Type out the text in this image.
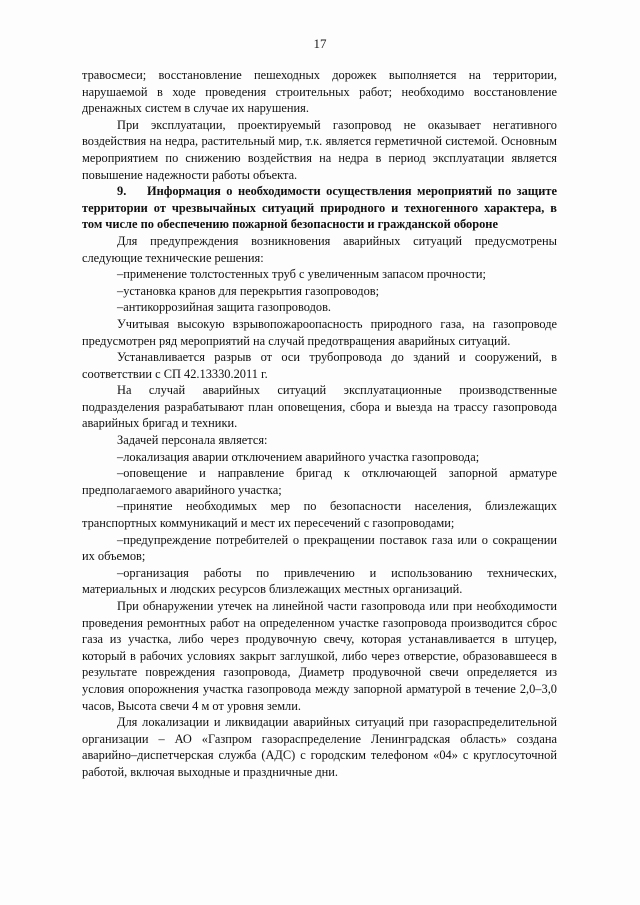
17

травосмеси; восстановление пешеходных дорожек выполняется на территории, нарушаемой в ходе проведения строительных работ; необходимо восстановление дренажных систем в случае их нарушения.

При эксплуатации, проектируемый газопровод не оказывает негативного воздействия на недра, растительный мир, т.к. является герметичной системой. Основным мероприятием по снижению воздействия на недра в период эксплуатации является повышение надежности работы объекта.

9. Информация о необходимости осуществления мероприятий по защите территории от чрезвычайных ситуаций природного и техногенного характера, в том числе по обеспечению пожарной безопасности и гражданской обороне

Для предупреждения возникновения аварийных ситуаций предусмотрены следующие технические решения:

–применение толстостенных труб с увеличенным запасом прочности;

–установка кранов для перекрытия газопроводов;

–антикоррозийная защита газопроводов.

Учитывая высокую взрывопожароопасность природного газа, на газопроводе предусмотрен ряд мероприятий на случай предотвращения аварийных ситуаций.

Устанавливается разрыв от оси трубопровода до зданий и сооружений, в соответствии с СП 42.13330.2011 г.

На случай аварийных ситуаций эксплуатационные производственные подразделения разрабатывают план оповещения, сбора и выезда на трассу газопровода аварийных бригад и техники.

Задачей персонала является:

–локализация аварии отключением аварийного участка газопровода;

–оповещение и направление бригад к отключающей запорной арматуре предполагаемого аварийного участка;

–принятие необходимых мер по безопасности населения, близлежащих транспортных коммуникаций и мест их пересечений с газопроводами;

–предупреждение потребителей о прекращении поставок газа или о сокращении их объемов;

–организация работы по привлечению и использованию технических, материальных и людских ресурсов близлежащих местных организаций.

При обнаружении утечек на линейной части газопровода или при необходимости проведения ремонтных работ на определенном участке газопровода производится сброс газа из участка, либо через продувочную свечу, которая устанавливается в штуцер, который в рабочих условиях закрыт заглушкой, либо через отверстие, образовавшееся в результате повреждения газопровода, Диаметр продувочной свечи определяется из условия опорожнения участка газопровода между запорной арматурой в течение 2,0–3,0 часов, Высота свечи 4 м от уровня земли.

Для локализации и ликвидации аварийных ситуаций при газораспределительной организации – АО «Газпром газораспределение Ленинградская область» создана аварийно–диспетчерская служба (АДС) с городским телефоном «04» с круглосуточной работой, включая выходные и праздничные дни.
